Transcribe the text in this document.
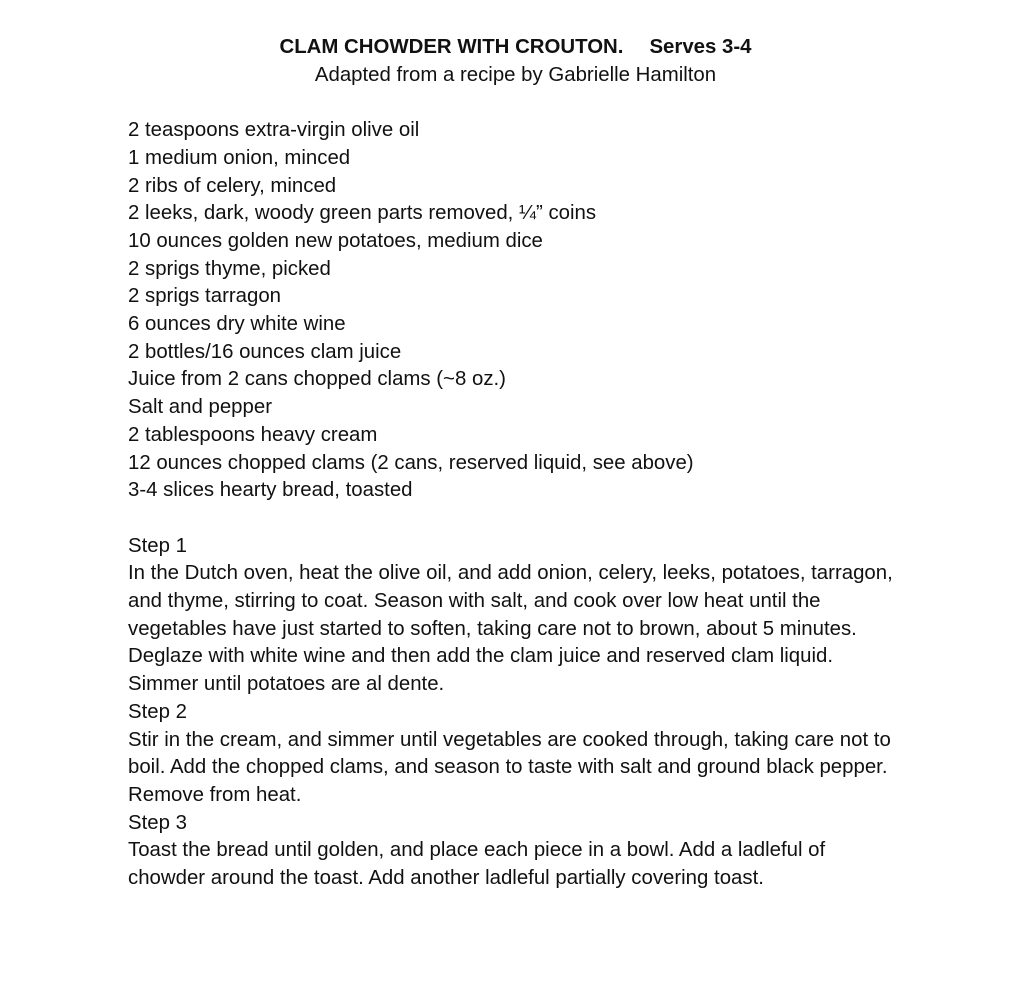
CLAM CHOWDER WITH CROUTON. Serves 3-4
Adapted from a recipe by Gabrielle Hamilton
2 teaspoons extra-virgin olive oil
1 medium onion, minced
2 ribs of celery, minced
2 leeks, dark, woody green parts removed, ¼” coins
10 ounces golden new potatoes, medium dice
2 sprigs thyme, picked
2 sprigs tarragon
6 ounces dry white wine
2 bottles/16 ounces clam juice
Juice from 2 cans chopped clams (~8 oz.)
Salt and pepper
2 tablespoons heavy cream
12 ounces chopped clams (2 cans, reserved liquid, see above)
3-4 slices hearty bread, toasted
Step 1

In the Dutch oven, heat the olive oil, and add onion, celery, leeks, potatoes, tarragon, and thyme, stirring to coat. Season with salt, and cook over low heat until the vegetables have just started to soften, taking care not to brown, about 5 minutes. Deglaze with white wine and then add the clam juice and reserved clam liquid. Simmer until potatoes are al dente.

Step 2

Stir in the cream, and simmer until vegetables are cooked through, taking care not to boil. Add the chopped clams, and season to taste with salt and ground black pepper. Remove from heat.

Step 3

Toast the bread until golden, and place each piece in a bowl. Add a ladleful of chowder around the toast. Add another ladleful partially covering toast.
